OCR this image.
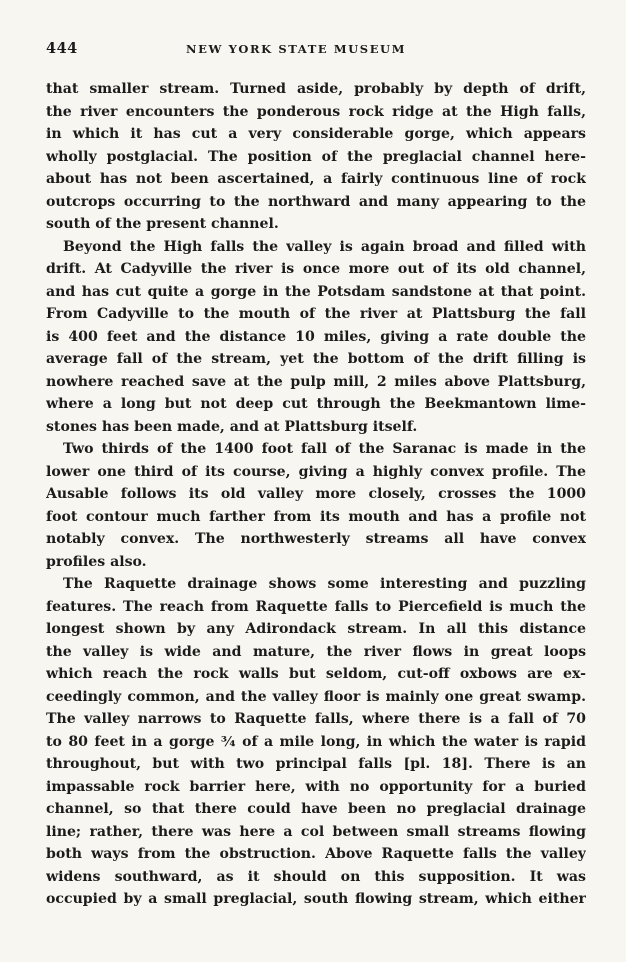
444	NEW YORK STATE MUSEUM
that smaller stream. Turned aside, probably by depth of drift,
the river encounters the ponderous rock ridge at the High falls,
in which it has cut a very considerable gorge, which appears
wholly postglacial. The position of the preglacial channel here-
about has not been ascertained, a fairly continuous line of rock
outcrops occurring to the northward and many appearing to the
south of the present channel.
Beyond the High falls the valley is again broad and filled with
drift. At Cadyville the river is once more out of its old channel,
and has cut quite a gorge in the Potsdam sandstone at that point.
From Cadyville to the mouth of the river at Plattsburg the fall
is 400 feet and the distance 10 miles, giving a rate double the
average fall of the stream, yet the bottom of the drift filling is
nowhere reached save at the pulp mill, 2 miles above Plattsburg,
where a long but not deep cut through the Beekmantown lime-
stones has been made, and at Plattsburg itself.
Two thirds of the 1400 foot fall of the Saranac is made in the
lower one third of its course, giving a highly convex profile. The
Ausable follows its old valley more closely, crosses the 1000
foot contour much farther from its mouth and has a profile not
notably convex. The northwesterly streams all have convex
profiles also.
The Raquette drainage shows some interesting and puzzling
features. The reach from Raquette falls to Piercefield is much the
longest shown by any Adirondack stream. In all this distance
the valley is wide and mature, the river flows in great loops
which reach the rock walls but seldom, cut-off oxbows are ex-
ceedingly common, and the valley floor is mainly one great swamp.
The valley narrows to Raquette falls, where there is a fall of 70
to 80 feet in a gorge ¾ of a mile long, in which the water is rapid
throughout, but with two principal falls [pl. 18]. There is an
impassable rock barrier here, with no opportunity for a buried
channel, so that there could have been no preglacial drainage
line; rather, there was here a col between small streams flowing
both ways from the obstruction. Above Raquette falls the valley
widens southward, as it should on this supposition. It was
occupied by a small preglacial, south flowing stream, which either
